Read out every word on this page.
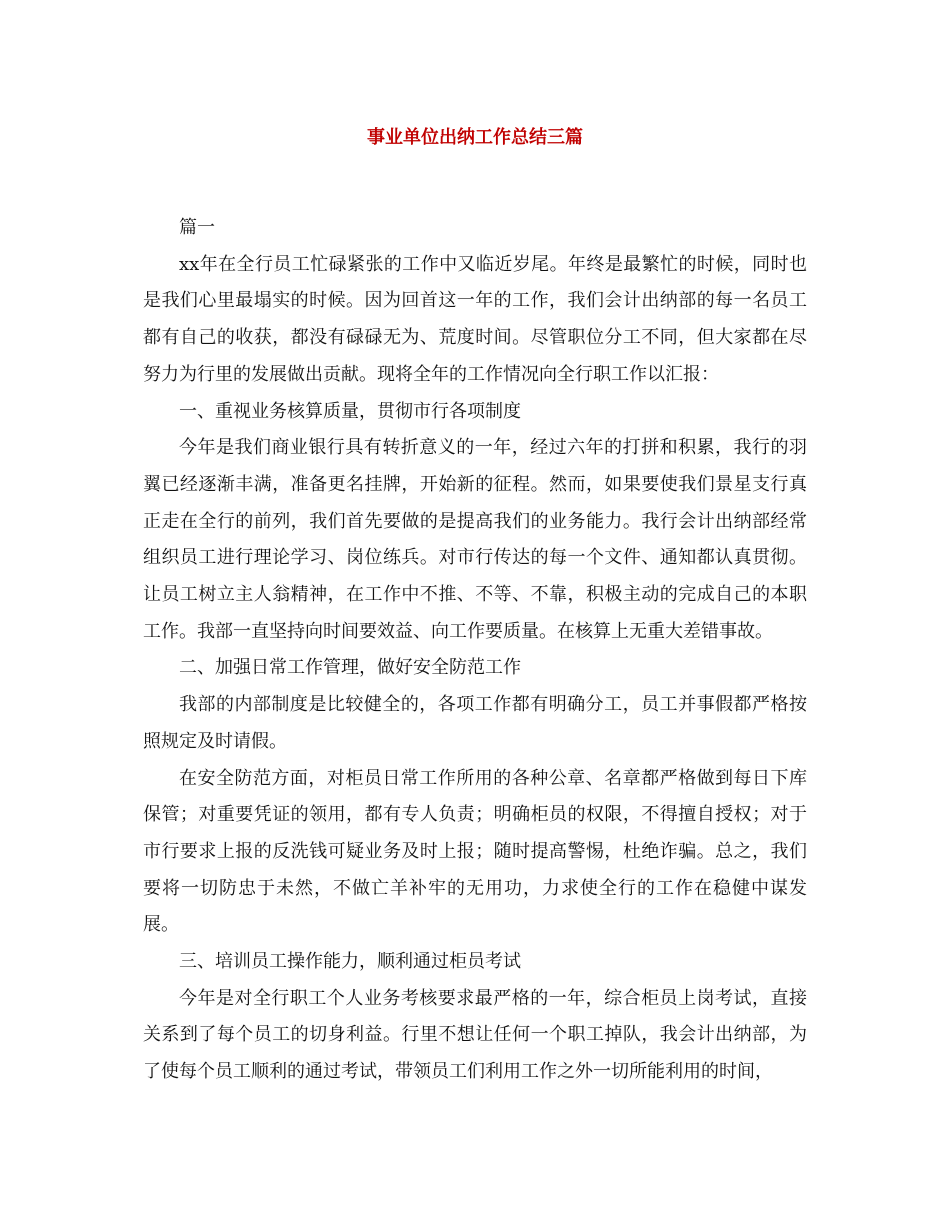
事业单位出纳工作总结三篇

篇一

xx年在全行员工忙碌紧张的工作中又临近岁尾。年终是最繁忙的时候，同时也是我们心里最塌实的时候。因为回首这一年的工作，我们会计出纳部的每一名员工都有自己的收获，都没有碌碌无为、荒度时间。尽管职位分工不同，但大家都在尽努力为行里的发展做出贡献。现将全年的工作情况向全行职工作以汇报：

一、重视业务核算质量，贯彻市行各项制度

今年是我们商业银行具有转折意义的一年，经过六年的打拼和积累，我行的羽翼已经逐渐丰满，准备更名挂牌，开始新的征程。然而，如果要使我们景星支行真正走在全行的前列，我们首先要做的是提高我们的业务能力。我行会计出纳部经常组织员工进行理论学习、岗位练兵。对市行传达的每一个文件、通知都认真贯彻。让员工树立主人翁精神，在工作中不推、不等、不靠，积极主动的完成自己的本职工作。我部一直坚持向时间要效益、向工作要质量。在核算上无重大差错事故。

二、加强日常工作管理，做好安全防范工作

我部的内部制度是比较健全的，各项工作都有明确分工，员工并事假都严格按照规定及时请假。

在安全防范方面，对柜员日常工作所用的各种公章、名章都严格做到每日下库保管；对重要凭证的领用，都有专人负责；明确柜员的权限，不得擅自授权；对于市行要求上报的反洗钱可疑业务及时上报；随时提高警惕，杜绝诈骗。总之，我们要将一切防忠于未然，不做亡羊补牢的无用功，力求使全行的工作在稳健中谋发展。

三、培训员工操作能力，顺利通过柜员考试

今年是对全行职工个人业务考核要求最严格的一年，综合柜员上岗考试，直接关系到了每个员工的切身利益。行里不想让任何一个职工掉队，我会计出纳部，为了使每个员工顺利的通过考试，带领员工们利用工作之外一切所能利用的时间，
